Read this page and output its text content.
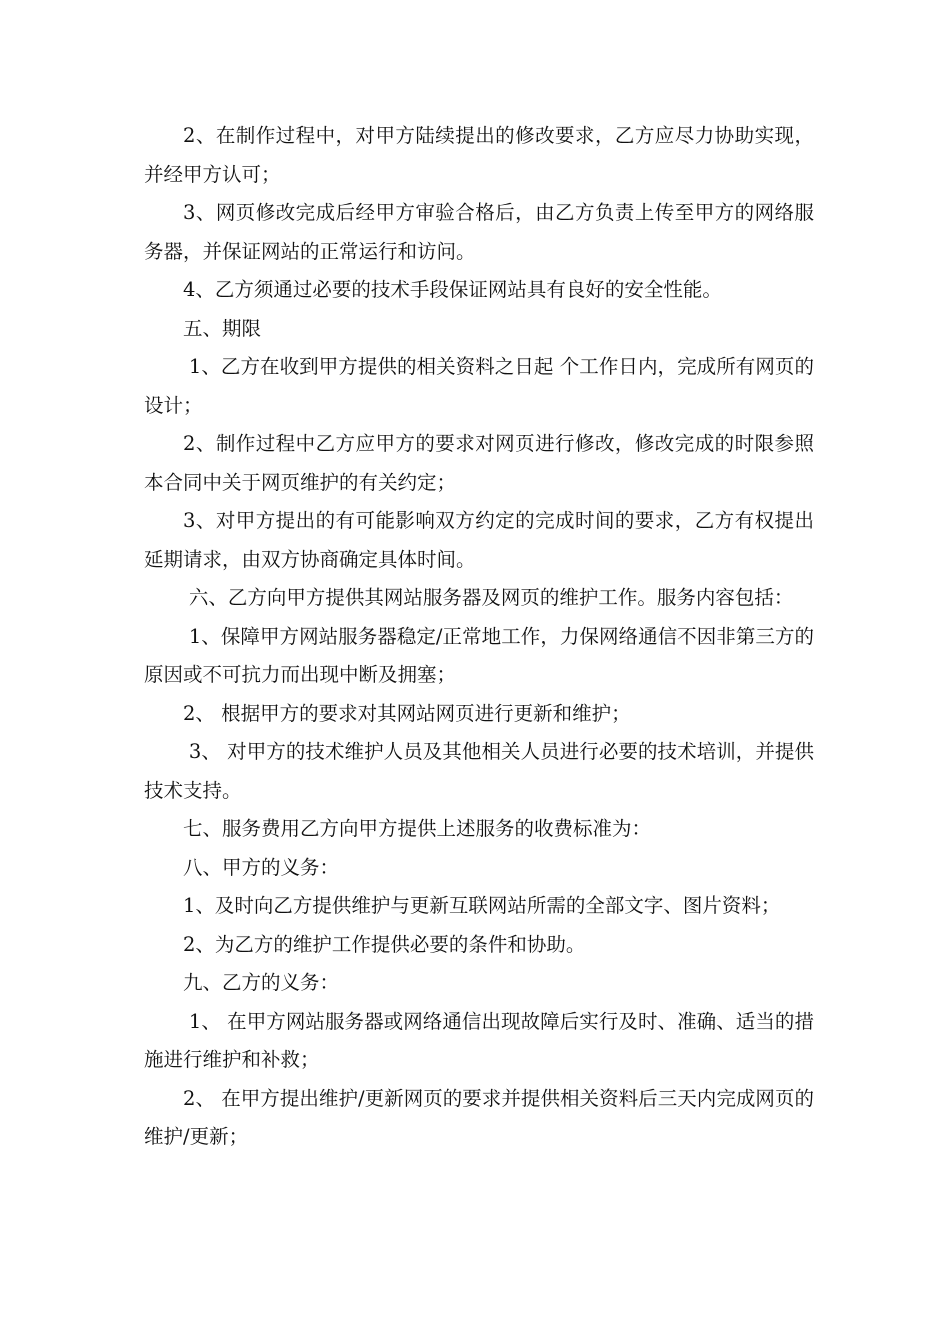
2、在制作过程中，对甲方陆续提出的修改要求，乙方应尽力协助实现，并经甲方认可；

3、网页修改完成后经甲方审验合格后，由乙方负责上传至甲方的网络服务器，并保证网站的正常运行和访问。

4、乙方须通过必要的技术手段保证网站具有良好的安全性能。

五、期限

1、乙方在收到甲方提供的相关资料之日起 个工作日内，完成所有网页的设计；

2、制作过程中乙方应甲方的要求对网页进行修改，修改完成的时限参照本合同中关于网页维护的有关约定；

3、对甲方提出的有可能影响双方约定的完成时间的要求，乙方有权提出延期请求，由双方协商确定具体时间。

六、乙方向甲方提供其网站服务器及网页的维护工作。服务内容包括：

1、保障甲方网站服务器稳定/正常地工作，力保网络通信不因非第三方的原因或不可抗力而出现中断及拥塞；

2、 根据甲方的要求对其网站网页进行更新和维护；

3、 对甲方的技术维护人员及其他相关人员进行必要的技术培训，并提供技术支持。

七、服务费用乙方向甲方提供上述服务的收费标准为：

八、甲方的义务：

1、及时向乙方提供维护与更新互联网站所需的全部文字、图片资料；

2、为乙方的维护工作提供必要的条件和协助。

九、乙方的义务：

1、 在甲方网站服务器或网络通信出现故障后实行及时、准确、适当的措施进行维护和补救；

2、 在甲方提出维护/更新网页的要求并提供相关资料后三天内完成网页的维护/更新；
